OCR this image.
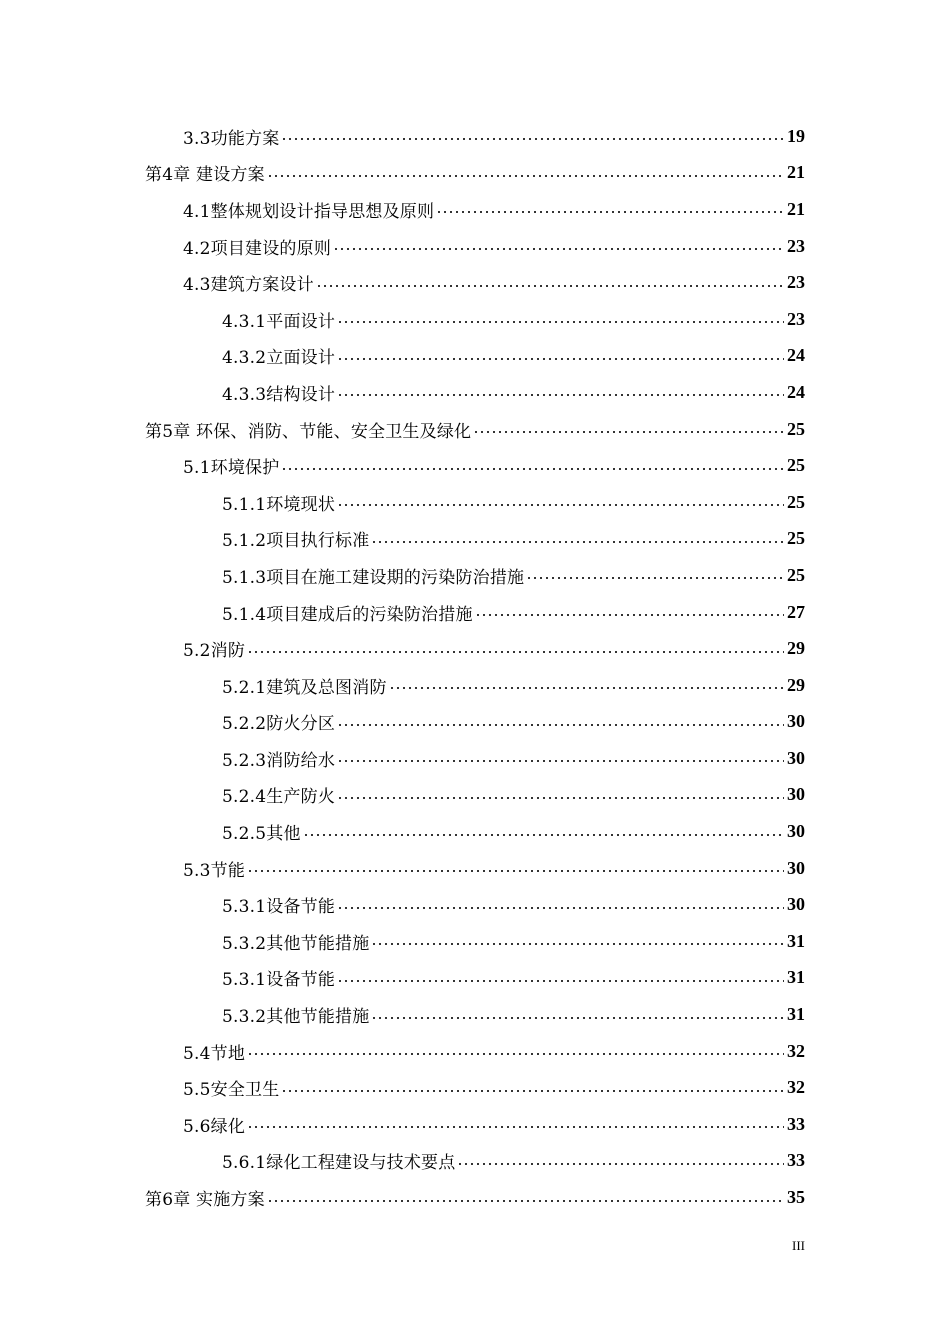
3.3功能方案	19
第4章 建设方案	21
4.1整体规划设计指导思想及原则	21
4.2项目建设的原则	23
4.3建筑方案设计	23
4.3.1平面设计	23
4.3.2立面设计	24
4.3.3结构设计	24
第5章 环保、消防、节能、安全卫生及绿化	25
5.1环境保护	25
5.1.1环境现状	25
5.1.2项目执行标准	25
5.1.3项目在施工建设期的污染防治措施	25
5.1.4项目建成后的污染防治措施	27
5.2消防	29
5.2.1建筑及总图消防	29
5.2.2防火分区	30
5.2.3消防给水	30
5.2.4生产防火	30
5.2.5其他	30
5.3节能	30
5.3.1设备节能	30
5.3.2其他节能措施	31
5.3.1设备节能	31
5.3.2其他节能措施	31
5.4节地	32
5.5安全卫生	32
5.6绿化	33
5.6.1绿化工程建设与技术要点	33
第6章 实施方案	35
III
